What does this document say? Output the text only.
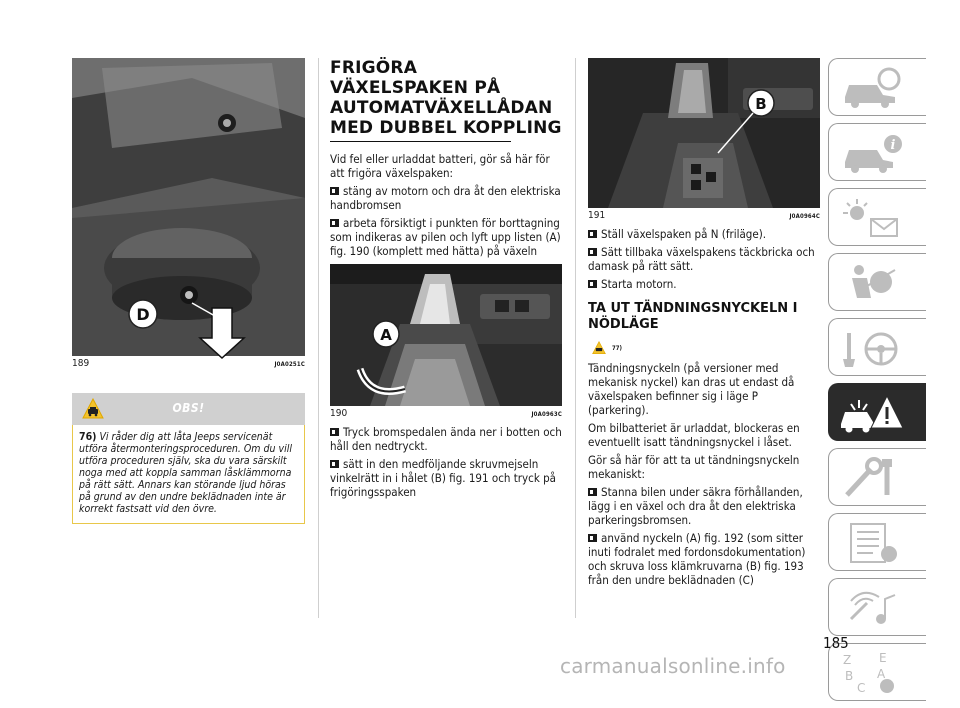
D
189	J0A0251C
OBS!
76) Vi råder dig att låta Jeeps servicenät utföra återmonteringsproceduren. Om du vill utföra proceduren själv, ska du vara särskilt noga med att koppla samman låsklämmorna på rätt sätt. Annars kan störande ljud höras på grund av den undre beklädnaden inte är korrekt fastsatt vid den övre.
FRIGÖRA
VÄXELSPAKEN PÅ
AUTOMATVÄXELLÅDAN
MED DUBBEL KOPPLING
Vid fel eller urladdat batteri, gör så här för att frigöra växelspaken:
stäng av motorn och dra åt den elektriska handbromsen
arbeta försiktigt i punkten för borttagning som indikeras av pilen och lyft upp listen (A) fig. 190 (komplett med hätta) på växeln
A
190	J0A0963C
Tryck bromspedalen ända ner i botten och håll den nedtryckt.
sätt in den medföljande skruvmejseln vinkelrätt in i hålet (B) fig. 191 och tryck på frigöringsspaken
B
191	J0A0964C
Ställ växelspaken på N (friläge).
Sätt tillbaka växelspakens täckbricka och damask på rätt sätt.
Starta motorn.
TA UT TÄNDNINGSNYCKELN I
NÖDLÄGE
77)
Tändningsnyckeln (på versioner med mekanisk nyckel) kan dras ut endast då växelspaken befinner sig i läge P (parkering).
Om bilbatteriet är urladdat, blockeras en eventuellt isatt tändningsnyckel i låset.
Gör så här för att ta ut tändningsnyckeln mekaniskt:
Stanna bilen under säkra förhållanden, lägg i en växel och dra åt den elektriska parkeringsbromsen.
använd nyckeln (A) fig. 192 (som sitter inuti fodralet med fordonsdokumentation) och skruva loss klämkruvarna (B) fig. 193 från den undre beklädnaden (C)
i
Z E
B A
C
185
carmanualsonline.info
